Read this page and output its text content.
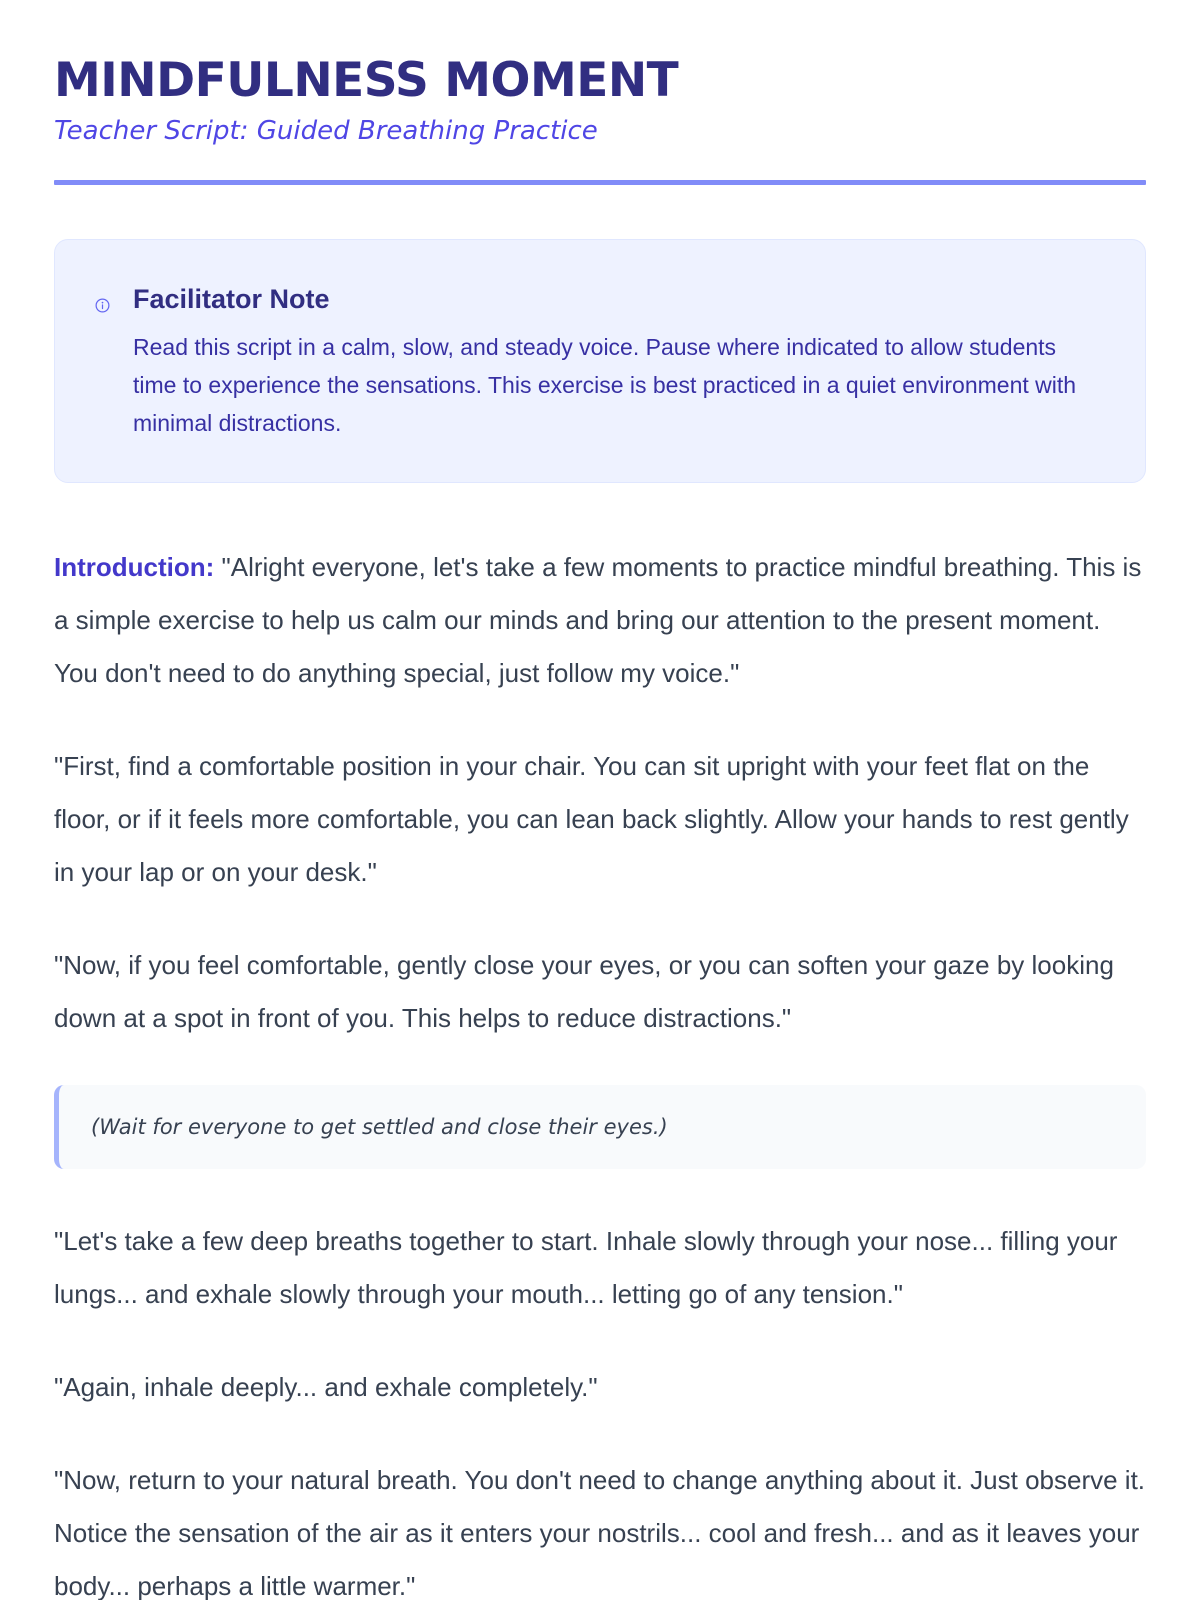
MINDFULNESS MOMENT

Teacher Script: Guided Breathing Practice

Facilitator Note

Read this script in a calm, slow, and steady voice. Pause where indicated to allow students time to experience the sensations. This exercise is best practiced in a quiet environment with minimal distractions.

Introduction: "Alright everyone, let's take a few moments to practice mindful breathing. This is a simple exercise to help us calm our minds and bring our attention to the present moment. You don't need to do anything special, just follow my voice."

"First, find a comfortable position in your chair. You can sit upright with your feet flat on the floor, or if it feels more comfortable, you can lean back slightly. Allow your hands to rest gently in your lap or on your desk."

"Now, if you feel comfortable, gently close your eyes, or you can soften your gaze by looking down at a spot in front of you. This helps to reduce distractions."

(Wait for everyone to get settled and close their eyes.)

"Let's take a few deep breaths together to start. Inhale slowly through your nose... filling your lungs... and exhale slowly through your mouth... letting go of any tension."

"Again, inhale deeply... and exhale completely."

"Now, return to your natural breath. You don't need to change anything about it. Just observe it. Notice the sensation of the air as it enters your nostrils... cool and fresh... and as it leaves your body... perhaps a little warmer."
